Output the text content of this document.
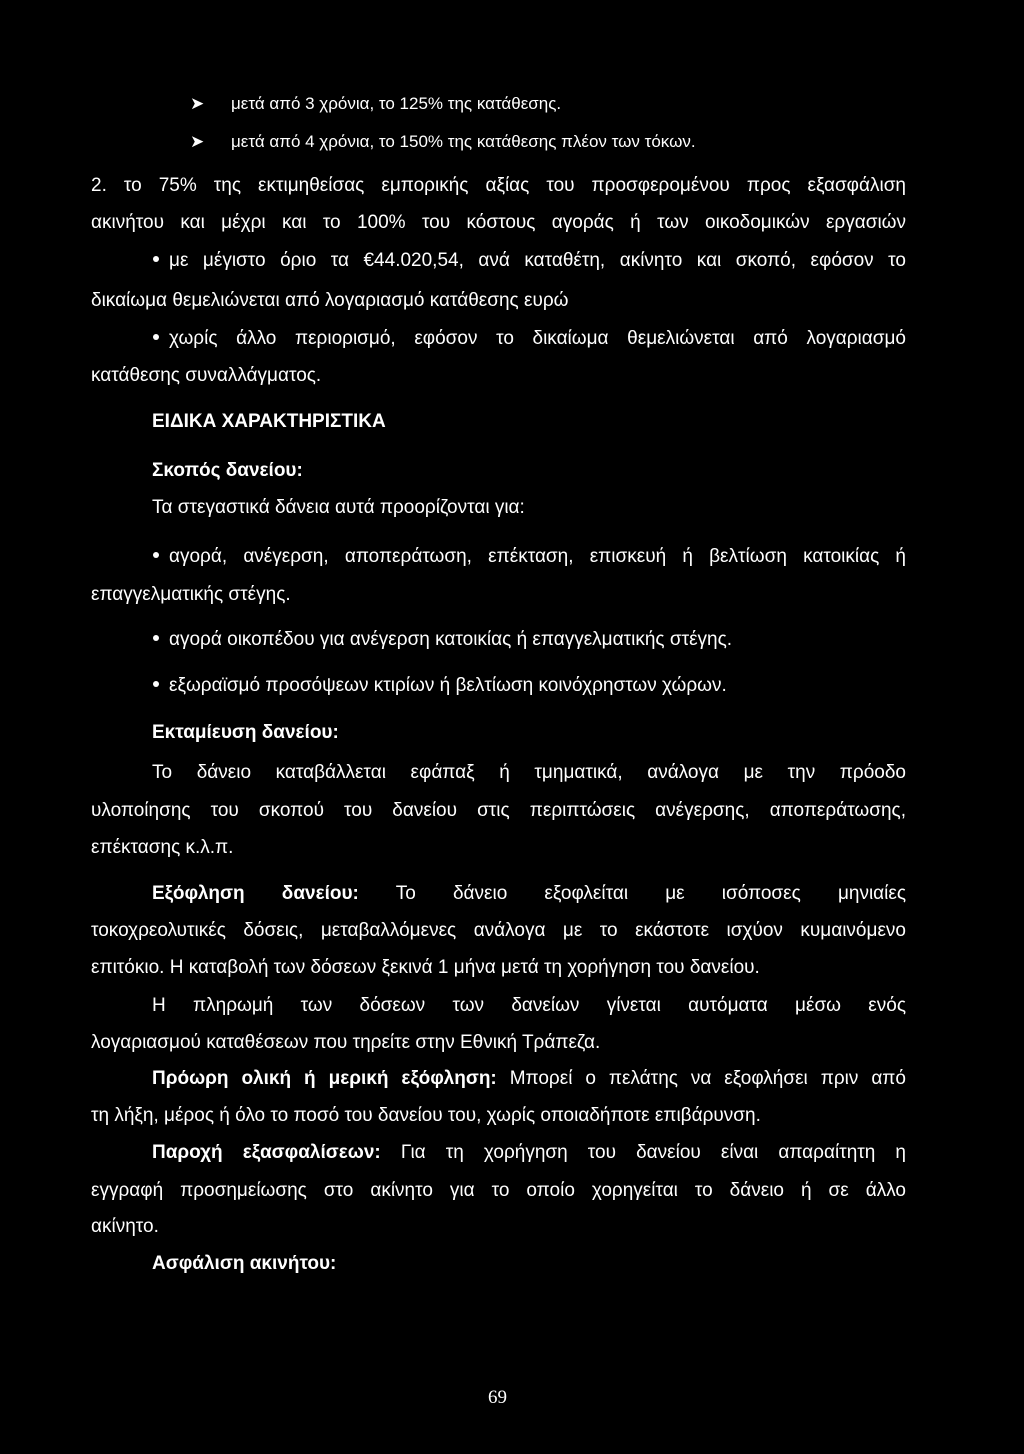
➤ μετά από 3 χρόνια, το 125% της κατάθεσης.
➤ μετά από 4 χρόνια, το 150% της κατάθεσης πλέον των τόκων.
2. το 75% της εκτιμηθείσας εμπορικής αξίας του προσφερομένου προς εξασφάλιση
ακινήτου και μέχρι και το 100% του κόστους αγοράς ή των οικοδομικών εργασιών
με μέγιστο όριο τα €44.020,54, ανά καταθέτη, ακίνητο και σκοπό, εφόσον το
δικαίωμα θεμελιώνεται από λογαριασμό κατάθεσης ευρώ
χωρίς άλλο περιορισμό, εφόσον το δικαίωμα θεμελιώνεται από λογαριασμό
κατάθεσης συναλλάγματος.
ΕΙΔΙΚΑ ΧΑΡΑΚΤΗΡΙΣΤΙΚΑ
Σκοπός δανείου:
Τα στεγαστικά δάνεια αυτά προορίζονται για:
αγορά, ανέγερση, αποπεράτωση, επέκταση, επισκευή ή βελτίωση κατοικίας ή
επαγγελματικής στέγης.
αγορά οικοπέδου για ανέγερση κατοικίας ή επαγγελματικής στέγης.
εξωραϊσμό προσόψεων κτιρίων ή βελτίωση κοινόχρηστων χώρων.
Εκταμίευση δανείου:
Το δάνειο καταβάλλεται εφάπαξ ή τμηματικά, ανάλογα με την πρόοδο
υλοποίησης του σκοπού του δανείου στις περιπτώσεις ανέγερσης, αποπεράτωσης,
επέκτασης κ.λ.π.
Εξόφληση δανείου: Το δάνειο εξοφλείται με ισόποσες μηνιαίες
τοκοχρεολυτικές δόσεις, μεταβαλλόμενες ανάλογα με το εκάστοτε ισχύον κυμαινόμενο
επιτόκιο. Η καταβολή των δόσεων ξεκινά 1 μήνα μετά τη χορήγηση του δανείου.
Η πληρωμή των δόσεων των δανείων γίνεται αυτόματα μέσω ενός
λογαριασμού καταθέσεων που τηρείτε στην Εθνική Τράπεζα.
Πρόωρη ολική ή μερική εξόφληση: Μπορεί ο πελάτης να εξοφλήσει πριν από
τη λήξη, μέρος ή όλο το ποσό του δανείου του, χωρίς οποιαδήποτε επιβάρυνση.
Παροχή εξασφαλίσεων: Για τη χορήγηση του δανείου είναι απαραίτητη η
εγγραφή προσημείωσης στο ακίνητο για το οποίο χορηγείται το δάνειο ή σε άλλο
ακίνητο.
Ασφάλιση ακινήτου:
69
